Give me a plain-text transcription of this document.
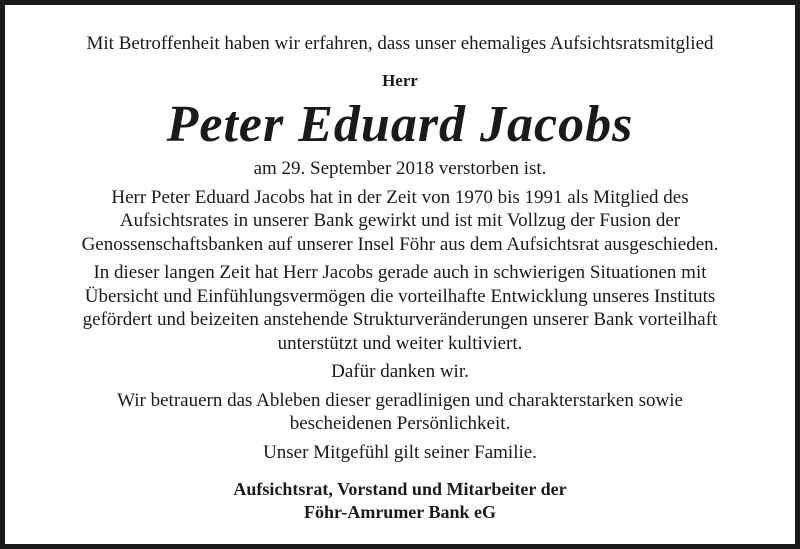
Mit Betroffenheit haben wir erfahren, dass unser ehemaliges Aufsichtsratsmitglied

Herr

Peter Eduard Jacobs

am 29. September 2018 verstorben ist.

Herr Peter Eduard Jacobs hat in der Zeit von 1970 bis 1991 als Mitglied des

Aufsichtsrates in unserer Bank gewirkt und ist mit Vollzug der Fusion der

Genossenschaftsbanken auf unserer Insel Föhr aus dem Aufsichtsrat ausgeschieden.

In dieser langen Zeit hat Herr Jacobs gerade auch in schwierigen Situationen mit

Übersicht und Einfühlungsvermögen die vorteilhafte Entwicklung unseres Instituts

gefördert und beizeiten anstehende Strukturveränderungen unserer Bank vorteilhaft

unterstützt und weiter kultiviert.

Dafür danken wir.

Wir betrauern das Ableben dieser geradlinigen und charakterstarken sowie

bescheidenen Persönlichkeit.

Unser Mitgefühl gilt seiner Familie.

Aufsichtsrat, Vorstand und Mitarbeiter der
Föhr-Amrumer Bank eG
